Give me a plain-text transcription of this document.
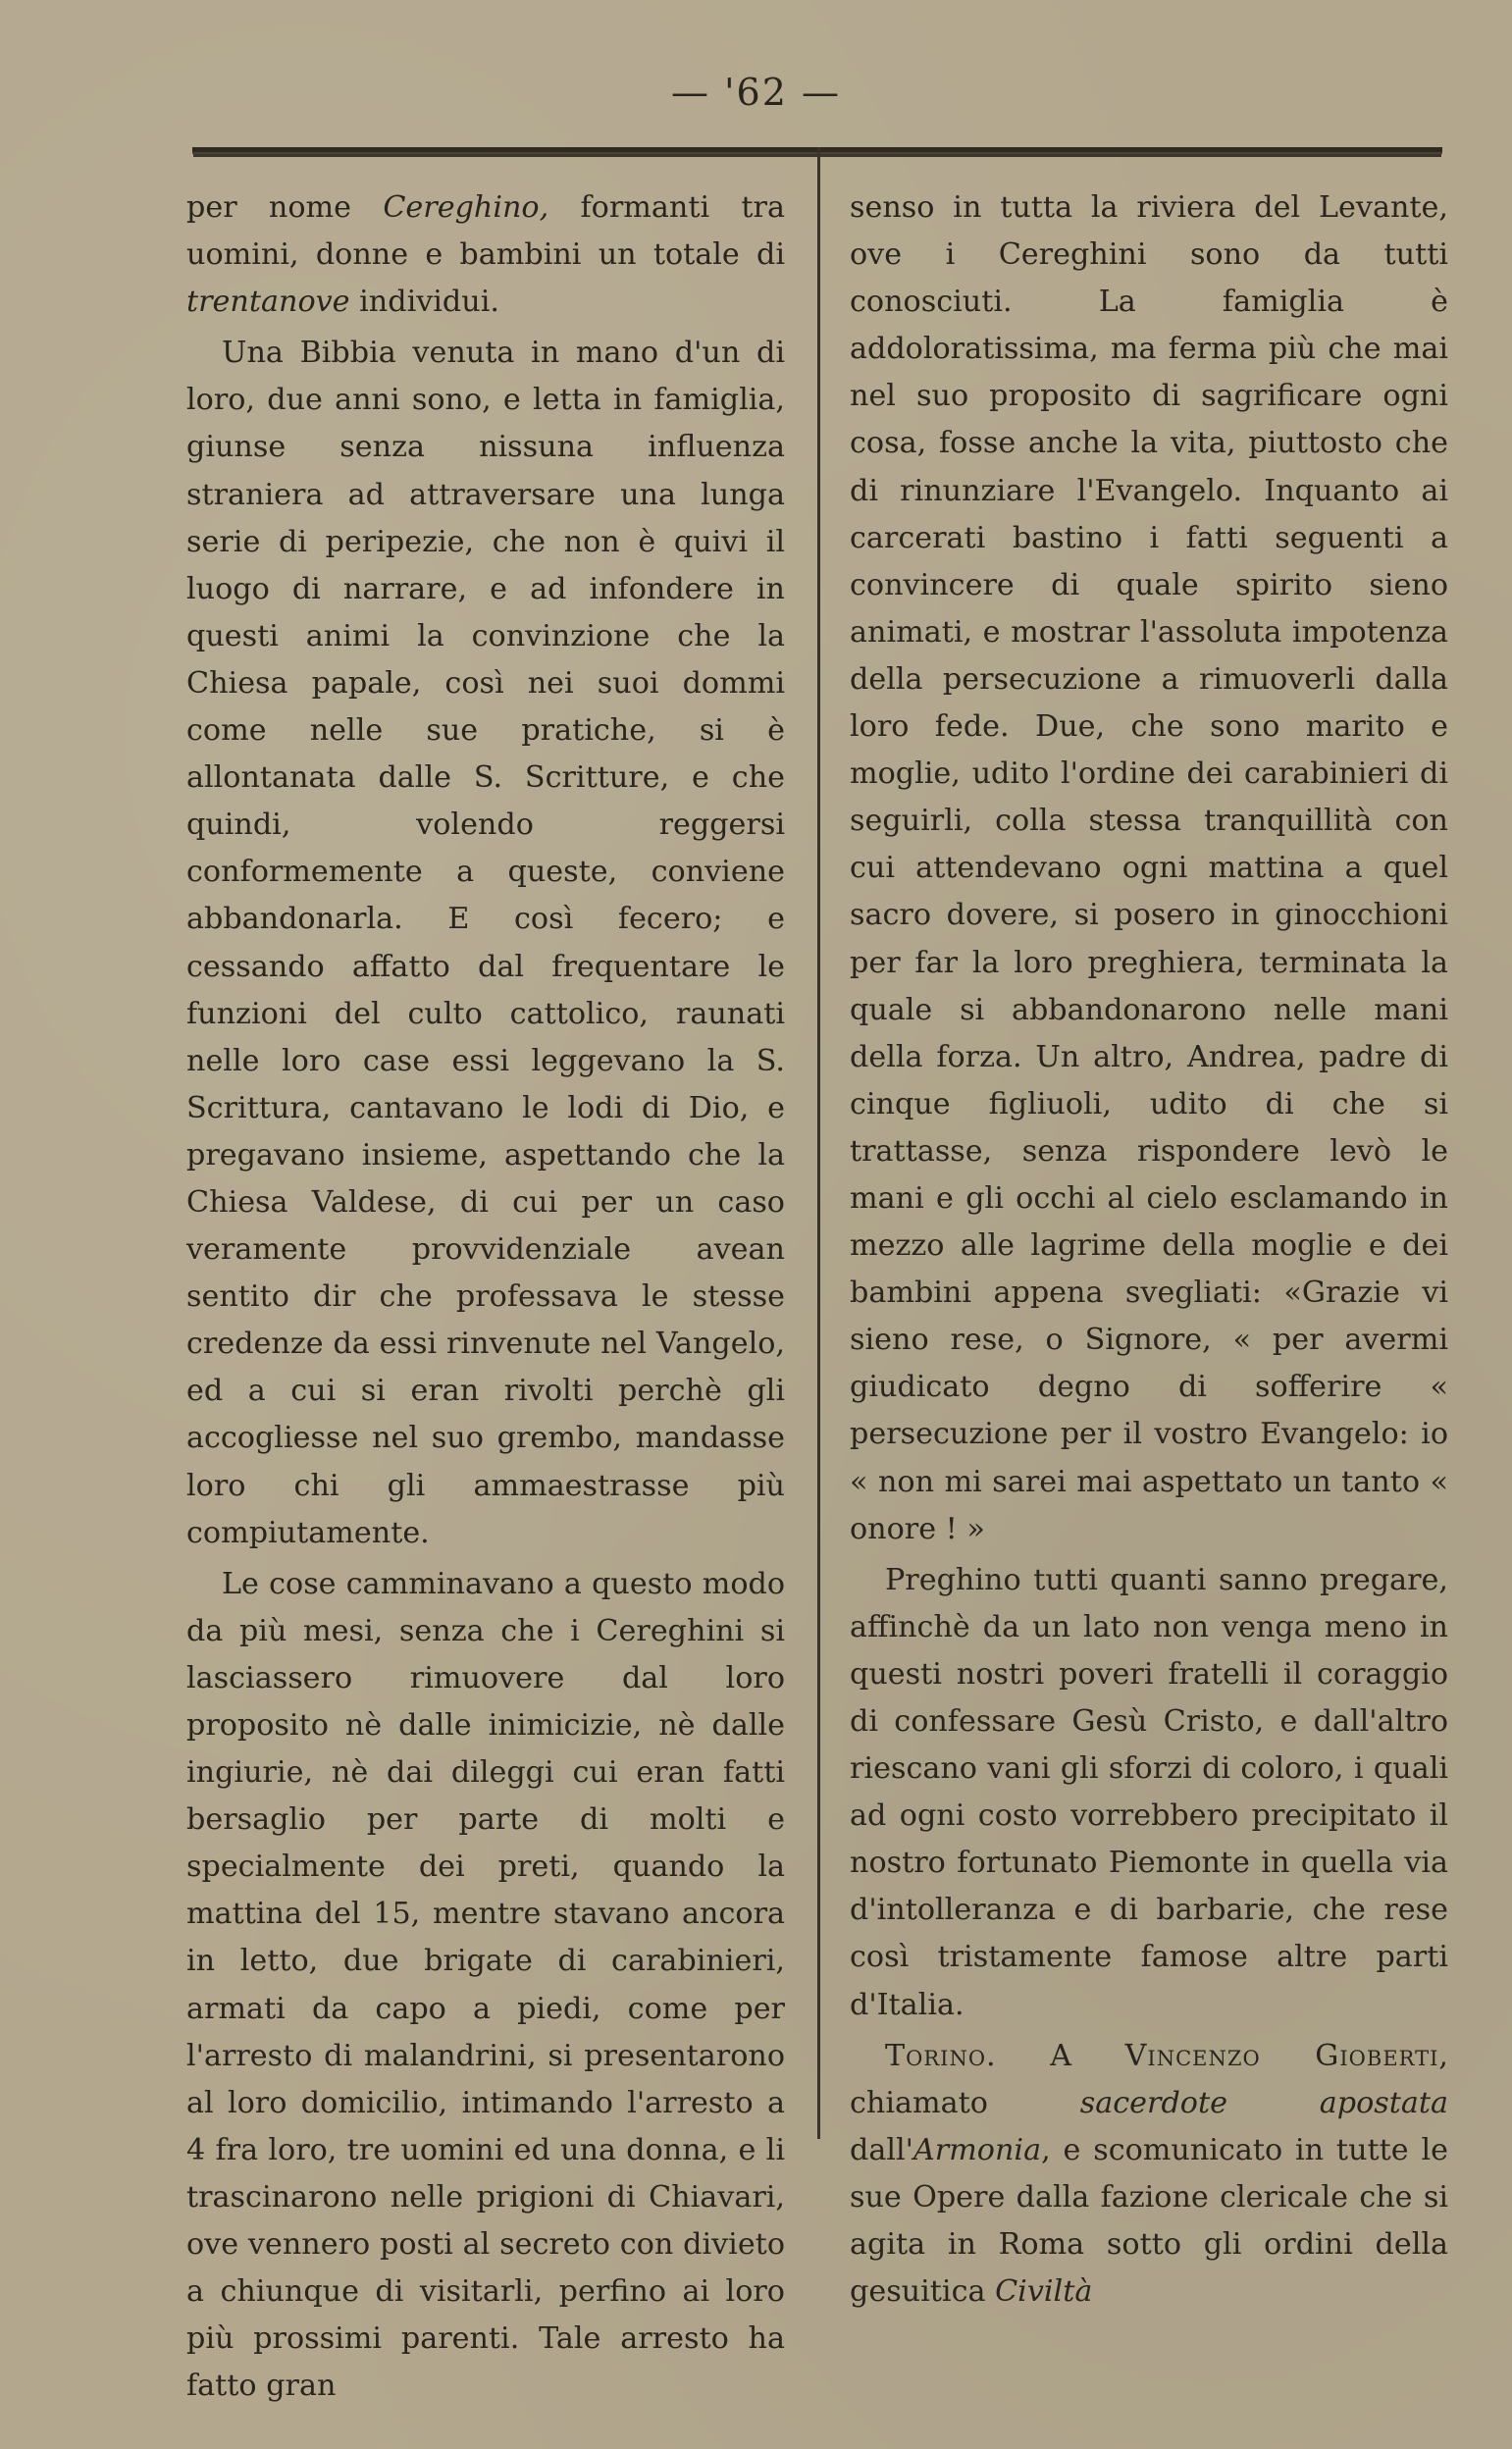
— '62 —

per nome Cereghino, formanti tra uomini, donne e bambini un totale di trentanove individui.

Una Bibbia venuta in mano d'un di loro, due anni sono, e letta in famiglia, giunse senza nissuna influenza straniera ad attraversare una lunga serie di peripezie, che non è quivi il luogo di narrare, e ad infondere in questi animi la convinzione che la Chiesa papale, così nei suoi dommi come nelle sue pratiche, si è allontanata dalle S. Scritture, e che quindi, volendo reggersi conformemente a queste, conviene abbandonarla. E così fecero; e cessando affatto dal frequentare le funzioni del culto cattolico, raunati nelle loro case essi leggevano la S. Scrittura, cantavano le lodi di Dio, e pregavano insieme, aspettando che la Chiesa Valdese, di cui per un caso veramente provvidenziale avean sentito dir che professava le stesse credenze da essi rinvenute nel Vangelo, ed a cui si eran rivolti perchè gli accogliesse nel suo grembo, mandasse loro chi gli ammaestrasse più compiutamente.

Le cose camminavano a questo modo da più mesi, senza che i Cereghini si lasciassero rimuovere dal loro proposito nè dalle inimicizie, nè dalle ingiurie, nè dai dileggi cui eran fatti bersaglio per parte di molti e specialmente dei preti, quando la mattina del 15, mentre stavano ancora in letto, due brigate di carabinieri, armati da capo a piedi, come per l'arresto di malandrini, si presentarono al loro domicilio, intimando l'arresto a 4 fra loro, tre uomini ed una donna, e li trascinarono nelle prigioni di Chiavari, ove vennero posti al secreto con divieto a chiunque di visitarli, perfino ai loro più prossimi parenti. Tale arresto ha fatto gran

senso in tutta la riviera del Levante, ove i Cereghini sono da tutti conosciuti. La famiglia è addoloratissima, ma ferma più che mai nel suo proposito di sagrificare ogni cosa, fosse anche la vita, piuttosto che di rinunziare l'Evangelo. Inquanto ai carcerati bastino i fatti seguenti a convincere di quale spirito sieno animati, e mostrar l'assoluta impotenza della persecuzione a rimuoverli dalla loro fede. Due, che sono marito e moglie, udito l'ordine dei carabinieri di seguirli, colla stessa tranquillità con cui attendevano ogni mattina a quel sacro dovere, si posero in ginocchioni per far la loro preghiera, terminata la quale si abbandonarono nelle mani della forza. Un altro, Andrea, padre di cinque figliuoli, udito di che si trattasse, senza rispondere levò le mani e gli occhi al cielo esclamando in mezzo alle lagrime della moglie e dei bambini appena svegliati: «Grazie vi sieno rese, o Signore, « per avermi giudicato degno di sofferire « persecuzione per il vostro Evangelo: io « non mi sarei mai aspettato un tanto « onore ! »

Preghino tutti quanti sanno pregare, affinchè da un lato non venga meno in questi nostri poveri fratelli il coraggio di confessare Gesù Cristo, e dall'altro riescano vani gli sforzi di coloro, i quali ad ogni costo vorrebbero precipitato il nostro fortunato Piemonte in quella via d'intolleranza e di barbarie, che rese così tristamente famose altre parti d'Italia.

Torino. A Vincenzo Gioberti, chiamato sacerdote apostata dall'Armonia, e scomunicato in tutte le sue Opere dalla fazione clericale che si agita in Roma sotto gli ordini della gesuitica Civiltà
